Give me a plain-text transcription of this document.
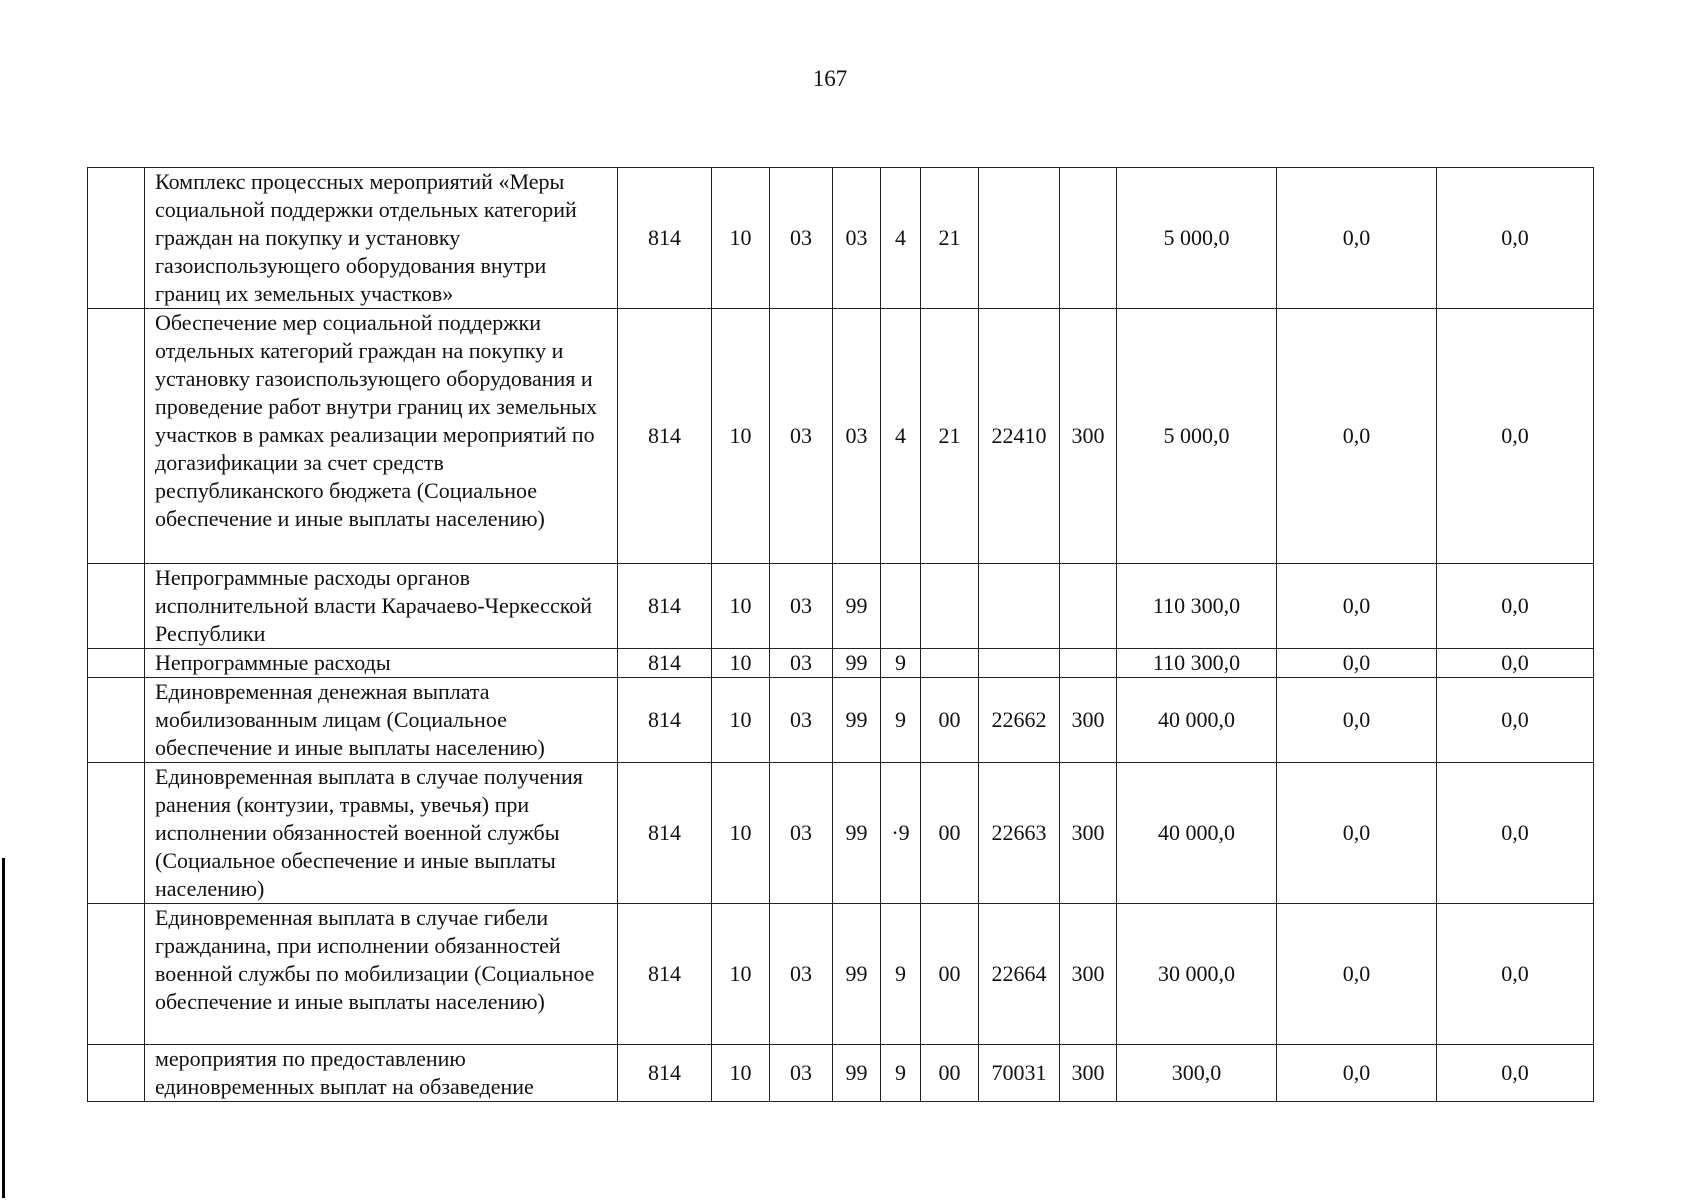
167
	Комплекс процессных мероприятий «Меры социальной поддержки отдельных категорий граждан на покупку и установку газоиспользующего оборудования внутри границ их земельных участков»	814	10	03	03	4	21			5 000,0	0,0	0,0
	Обеспечение мер социальной поддержки отдельных категорий граждан на покупку и установку газоиспользующего оборудования и проведение работ внутри границ их земельных участков в рамках реализации мероприятий по догазификации за счет средств республиканского бюджета (Социальное обеспечение и иные выплаты населению)	814	10	03	03	4	21	22410	300	5 000,0	0,0	0,0
	Непрограммные расходы органов исполнительной власти Карачаево-Черкесской Республики	814	10	03	99					110 300,0	0,0	0,0
	Непрограммные расходы	814	10	03	99	9				110 300,0	0,0	0,0
	Единовременная денежная выплата мобилизованным лицам (Социальное обеспечение и иные выплаты населению)	814	10	03	99	9	00	22662	300	40 000,0	0,0	0,0
	Единовременная выплата в случае получения ранения (контузии, травмы, увечья) при исполнении обязанностей военной службы (Социальное обеспечение и иные выплаты населению)	814	10	03	99	·9	00	22663	300	40 000,0	0,0	0,0
	Единовременная выплата в случае гибели гражданина, при исполнении обязанностей военной службы по мобилизации (Социальное обеспечение и иные выплаты населению)	814	10	03	99	9	00	22664	300	30 000,0	0,0	0,0
	мероприятия по предоставлению единовременных выплат на обзаведение	814	10	03	99	9	00	70031	300	300,0	0,0	0,0
